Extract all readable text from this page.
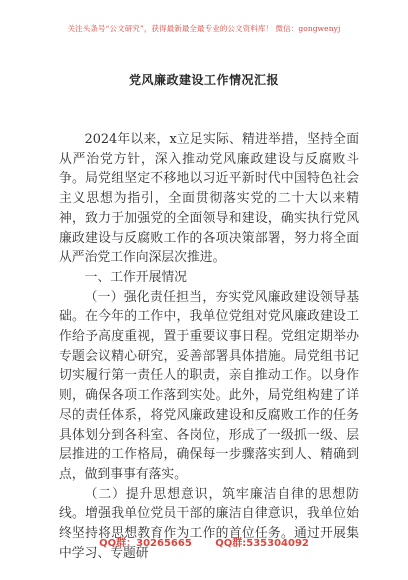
关注头条号“公文研究”，获得最新最全最专业的公文资料库！ 微信：gongwenyj
党风廉政建设工作情况汇报

2024年以来，x立足实际、精进举措，坚持全面从严治党方针，深入推动党风廉政建设与反腐败斗争。局党组坚定不移地以习近平新时代中国特色社会主义思想为指引，全面贯彻落实党的二十大以来精神，致力于加强党的全面领导和建设，确实执行党风廉政建设与反腐败工作的各项决策部署，努力将全面从严治党工作向深层次推进。

一、工作开展情况

（一）强化责任担当，夯实党风廉政建设领导基础。在今年的工作中，我单位党组对党风廉政建设工作给予高度重视，置于重要议事日程。党组定期举办专题会议精心研究，妥善部署具体措施。局党组书记切实履行第一责任人的职责，亲自推动工作。以身作则，确保各项工作落到实处。此外，局党组构建了详尽的责任体系，将党风廉政建设和反腐败工作的任务具体划分到各科室、各岗位，形成了一级抓一级、层层推进的工作格局，确保每一步骤落实到人、精确到点，做到事事有落实。

（二）提升思想意识，筑牢廉洁自律的思想防线。增强我单位党员干部的廉洁自律意识，我单位始终坚持将思想教育作为工作的首位任务。通过开展集中学习、专题研

QQ群：30265665 QQ群:535304092
